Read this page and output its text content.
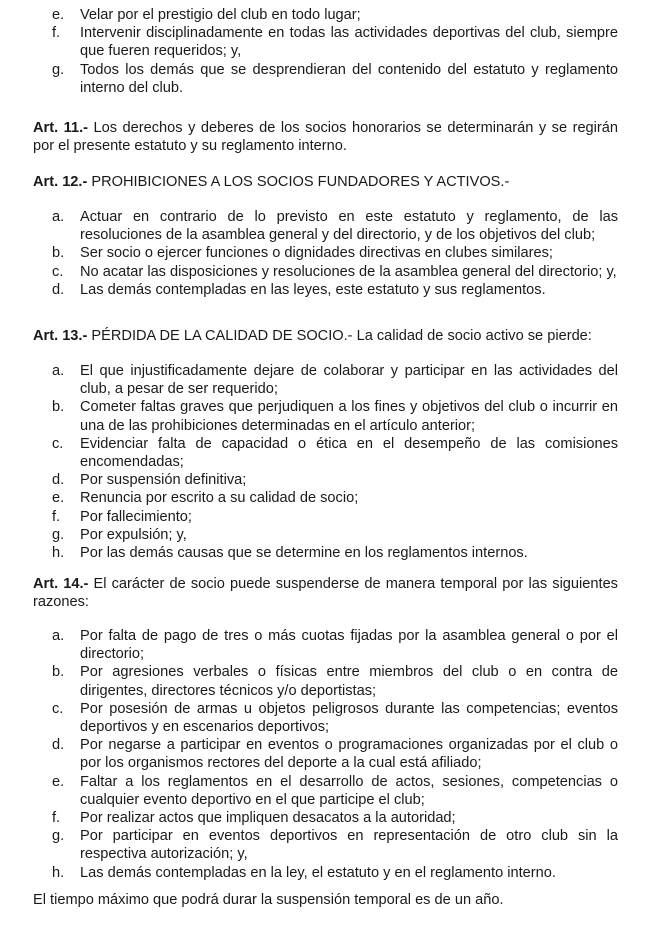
e.	Velar por el prestigio del club en todo lugar;
f.	Intervenir disciplinadamente en todas las actividades deportivas del club, siempre que fueren requeridos; y,
g.	Todos los demás que se desprendieran del contenido del estatuto y reglamento interno del club.

Art. 11.- Los derechos y deberes de los socios honorarios se determinarán y se regirán por el presente estatuto y su reglamento interno.

Art. 12.- PROHIBICIONES A LOS SOCIOS FUNDADORES Y ACTIVOS.-

a.	Actuar en contrario de lo previsto en este estatuto y reglamento, de las resoluciones de la asamblea general y del directorio, y de los objetivos del club;
b.	Ser socio o ejercer funciones o dignidades directivas en clubes similares;
c.	No acatar las disposiciones y resoluciones de la asamblea general del directorio; y,
d.	Las demás contempladas en las leyes, este estatuto y sus reglamentos.

Art. 13.- PÉRDIDA DE LA CALIDAD DE SOCIO.- La calidad de socio activo se pierde:

a.	El que injustificadamente dejare de colaborar y participar en las actividades del club, a pesar de ser requerido;
b.	Cometer faltas graves que perjudiquen a los fines y objetivos del club o incurrir en una de las prohibiciones determinadas en el artículo anterior;
c.	Evidenciar falta de capacidad o ética en el desempeño de las comisiones encomendadas;
d.	Por suspensión definitiva;
e.	Renuncia por escrito a su calidad de socio;
f.	Por fallecimiento;
g.	Por expulsión; y,
h.	Por las demás causas que se determine en los reglamentos internos.

Art. 14.- El carácter de socio puede suspenderse de manera temporal por las siguientes razones:

a.	Por falta de pago de tres o más cuotas fijadas por la asamblea general o por el directorio;
b.	Por agresiones verbales o físicas entre miembros del club o en contra de dirigentes, directores técnicos y/o deportistas;
c.	Por posesión de armas u objetos peligrosos durante las competencias; eventos deportivos y en escenarios deportivos;
d.	Por negarse a participar en eventos o programaciones organizadas por el club o por los organismos rectores del deporte a la cual está afiliado;
e.	Faltar a los reglamentos en el desarrollo de actos, sesiones, competencias o cualquier evento deportivo en el que participe el club;
f.	Por realizar actos que impliquen desacatos a la autoridad;
g.	Por participar en eventos deportivos en representación de otro club sin la respectiva autorización; y,
h.	Las demás contempladas en la ley, el estatuto y en el reglamento interno.

El tiempo máximo que podrá durar la suspensión temporal es de un año.
